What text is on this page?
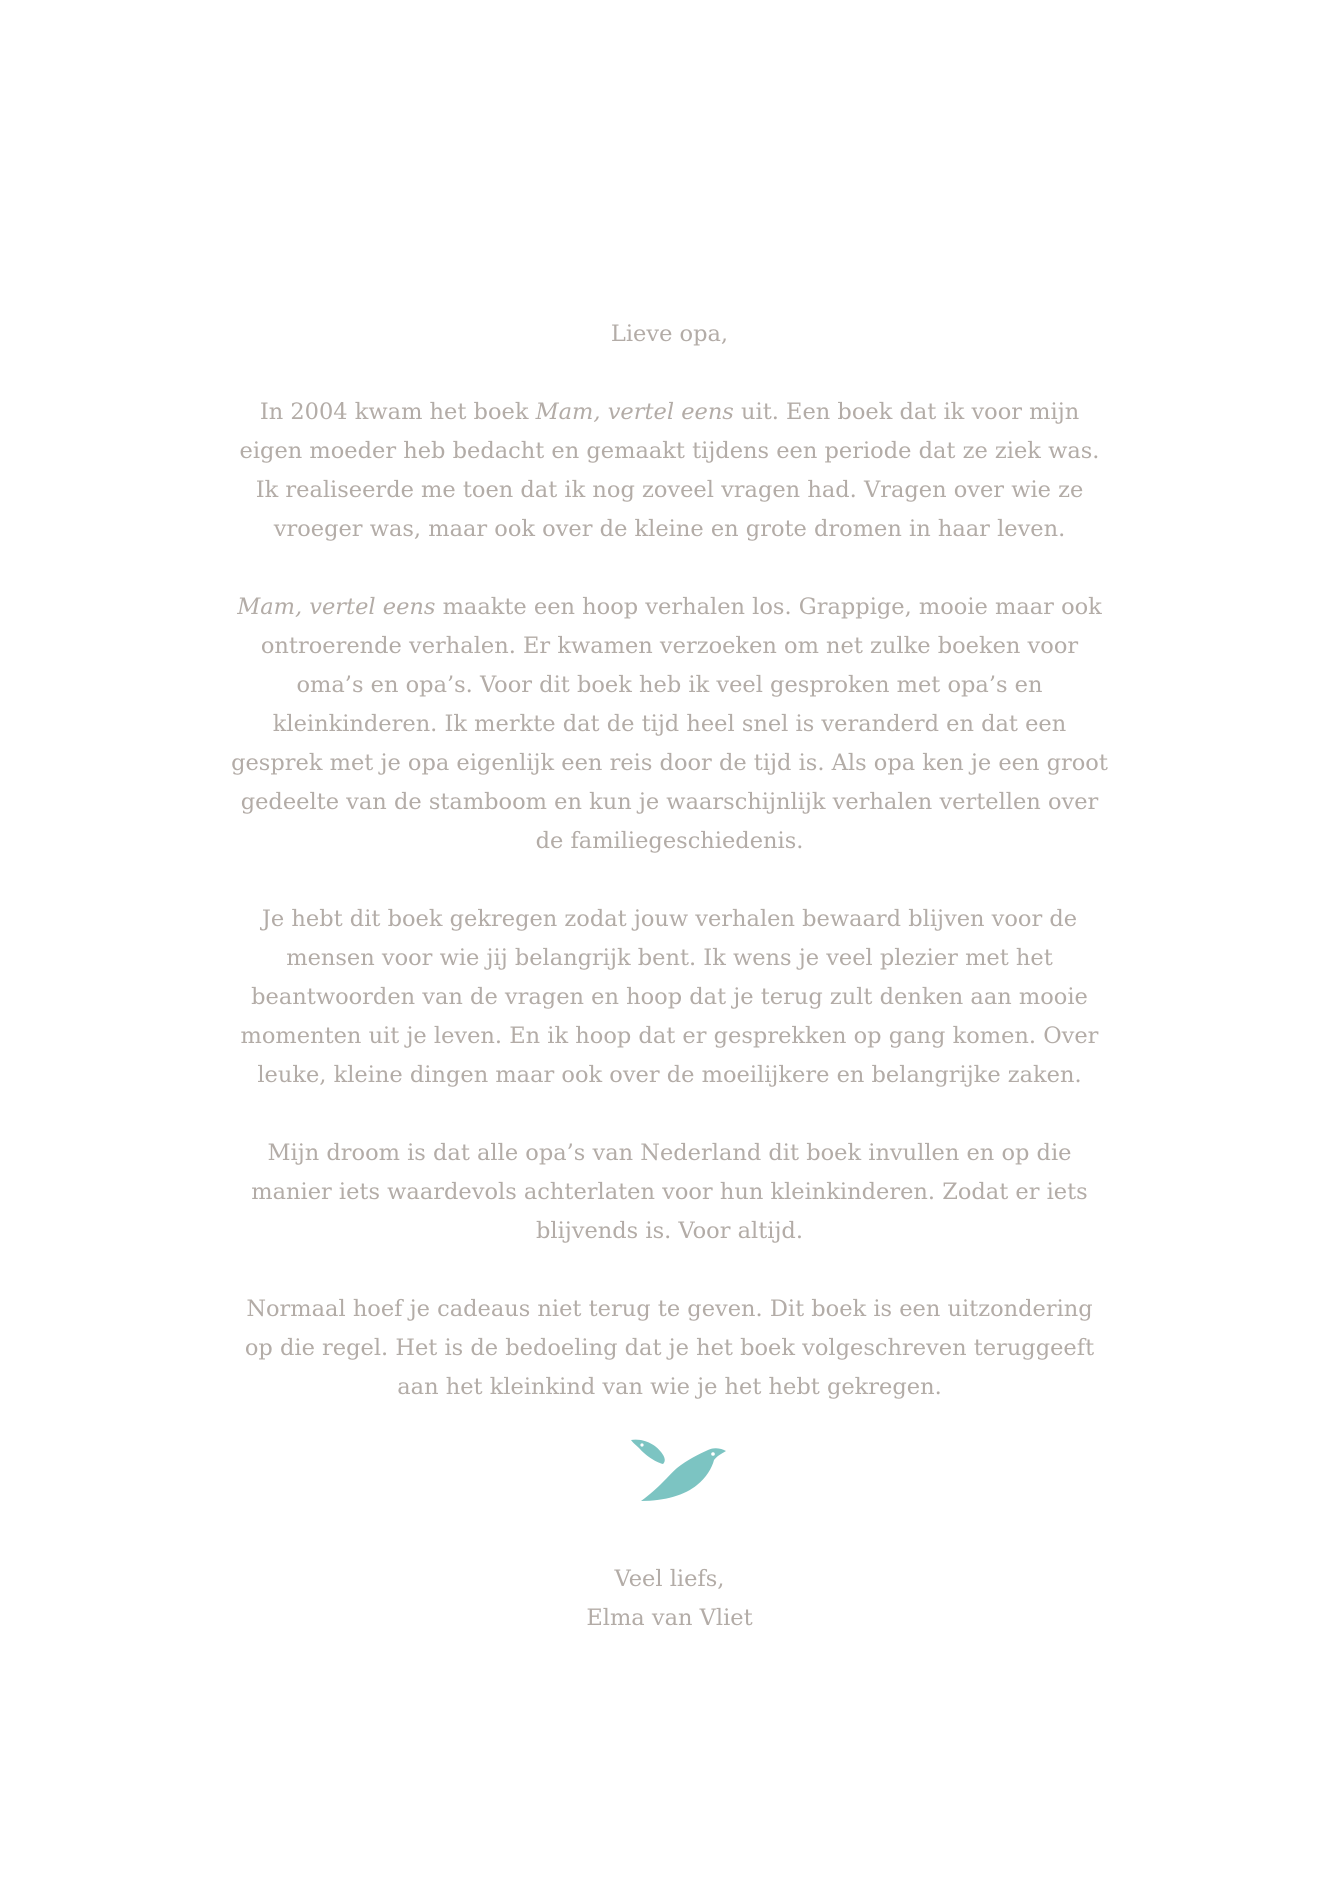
Lieve opa,

In 2004 kwam het boek Mam, vertel eens uit. Een boek dat ik voor mijn eigen moeder heb bedacht en gemaakt tijdens een periode dat ze ziek was. Ik realiseerde me toen dat ik nog zoveel vragen had. Vragen over wie ze vroeger was, maar ook over de kleine en grote dromen in haar leven.

Mam, vertel eens maakte een hoop verhalen los. Grappige, mooie maar ook ontroerende verhalen. Er kwamen verzoeken om net zulke boeken voor oma’s en opa’s. Voor dit boek heb ik veel gesproken met opa’s en kleinkinderen. Ik merkte dat de tijd heel snel is veranderd en dat een gesprek met je opa eigenlijk een reis door de tijd is. Als opa ken je een groot gedeelte van de stamboom en kun je waarschijnlijk verhalen vertellen over de familiegeschiedenis.

Je hebt dit boek gekregen zodat jouw verhalen bewaard blijven voor de mensen voor wie jij belangrijk bent. Ik wens je veel plezier met het beantwoorden van de vragen en hoop dat je terug zult denken aan mooie momenten uit je leven. En ik hoop dat er gesprekken op gang komen. Over leuke, kleine dingen maar ook over de moeilijkere en belangrijke zaken.

Mijn droom is dat alle opa’s van Nederland dit boek invullen en op die manier iets waardevols achterlaten voor hun kleinkinderen. Zodat er iets blijvends is. Voor altijd.

Normaal hoef je cadeaus niet terug te geven. Dit boek is een uitzondering op die regel. Het is de bedoeling dat je het boek volgeschreven teruggeeft aan het kleinkind van wie je het hebt gekregen.

Veel liefs,
Elma van Vliet
